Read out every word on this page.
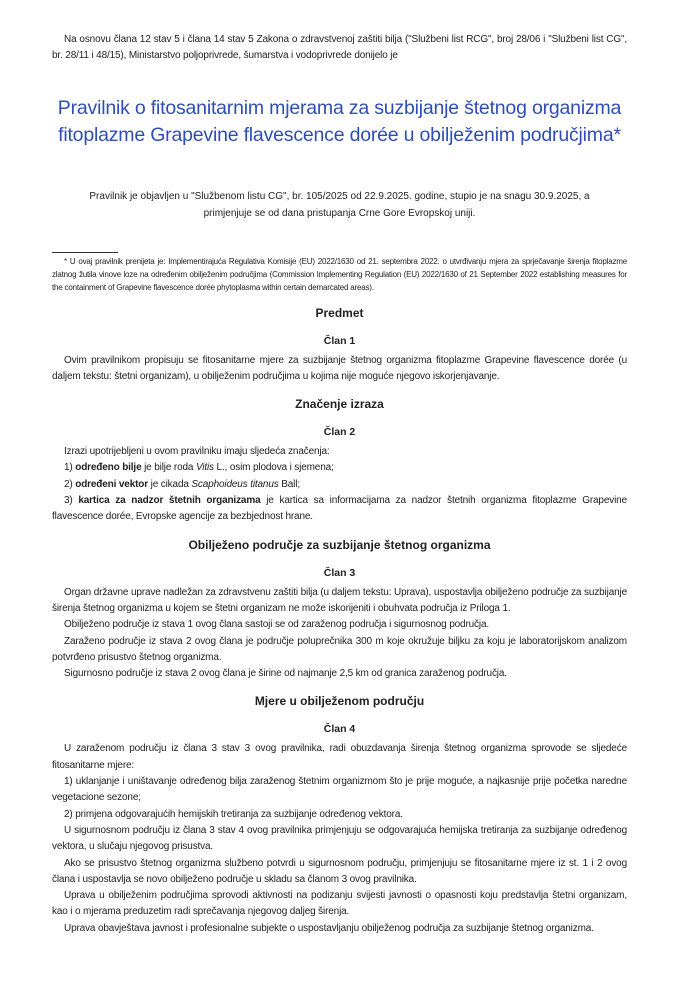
Na osnovu člana 12 stav 5 i člana 14 stav 5 Zakona o zdravstvenoj zaštiti bilja ("Službeni list RCG", broj 28/06 i "Službeni list CG", br. 28/11 i 48/15), Ministarstvo poljoprivrede, šumarstva i vodoprivrede donijelo je

Pravilnik o fitosanitarnim mjerama za suzbijanje štetnog organizma
fitoplazme Grapevine flavescence dorée u obilježenim područjima*
Pravilnik je objavljen u "Službenom listu CG", br. 105/2025 od 22.9.2025. godine, stupio je na snagu 30.9.2025, a
primjenjuje se od dana pristupanja Crne Gore Evropskoj uniji.

* U ovaj pravilnik prenijeta je: Implementirajuća Regulativa Komisije (EU) 2022/1630 od 21. septembra 2022. o utvrđivanju mjera za sprječavanje širenja fitoplazme zlatnog žutila vinove loze na određenim obilježenim područjima (Commission Implementing Regulation (EU) 2022/1630 of 21 September 2022 establishing measures for the containment of Grapevine flavescence dorée phytoplasma within certain demarcated areas).

Predmet
Član 1

Ovim pravilnikom propisuju se fitosanitarne mjere za suzbijanje štetnog organizma fitoplazme Grapevine flavescence dorée (u daljem tekstu: štetni organizam), u obilježenim područjima u kojima nije moguće njegovo iskorjenjavanje.

Značenje izraza
Član 2

Izrazi upotrijebljeni u ovom pravilniku imaju sljedeća značenja:

1) određeno bilje je bilje roda Vitis L., osim plodova i sjemena;

2) određeni vektor je cikada Scaphoideus titanus Ball;

3) kartica za nadzor štetnih organizama je kartica sa informacijama za nadzor štetnih organizma fitoplazme Grapevine flavescence dorée, Evropske agencije za bezbjednost hrane.

Obilježeno područje za suzbijanje štetnog organizma
Član 3

Organ državne uprave nadležan za zdravstvenu zaštiti bilja (u daljem tekstu: Uprava), uspostavlja obilježeno područje za suzbijanje širenja štetnog organizma u kojem se štetni organizam ne može iskorijeniti i obuhvata područja iz Priloga 1.

Obilježeno područje iz stava 1 ovog člana sastoji se od zaraženog područja i sigurnosnog područja.

Zaraženo područje iz stava 2 ovog člana je područje poluprečnika 300 m koje okružuje biljku za koju je laboratorijskom analizom potvrđeno prisustvo štetnog organizma.

Sigurnosno područje iz stava 2 ovog člana je širine od najmanje 2,5 km od granica zaraženog područja.

Mjere u obilježenom području
Član 4

U zaraženom području iz člana 3 stav 3 ovog pravilnika, radi obuzdavanja širenja štetnog organizma sprovode se sljedeće fitosanitarne mjere:

1) uklanjanje i uništavanje određenog bilja zaraženog štetnim organizmom što je prije moguće, a najkasnije prije početka naredne vegetacione sezone;

2) primjena odgovarajućih hemijskih tretiranja za suzbijanje određenog vektora.

U sigurnosnom području iz člana 3 stav 4 ovog pravilnika primjenjuju se odgovarajuća hemijska tretiranja za suzbijanje određenog vektora, u slučaju njegovog prisustva.

Ako se prisustvo štetnog organizma službeno potvrdi u sigurnosnom području, primjenjuju se fitosanitarne mjere iz st. 1 i 2 ovog člana i uspostavlja se novo obilježeno područje u skladu sa članom 3 ovog pravilnika.

Uprava u obilježenim područjima sprovodi aktivnosti na podizanju svijesti javnosti o opasnosti koju predstavlja štetni organizam, kao i o mjerama preduzetim radi sprečavanja njegovog daljeg širenja.

Uprava obavještava javnost i profesionalne subjekte o uspostavljanju obilježenog područja za suzbijanje štetnog organizma.
